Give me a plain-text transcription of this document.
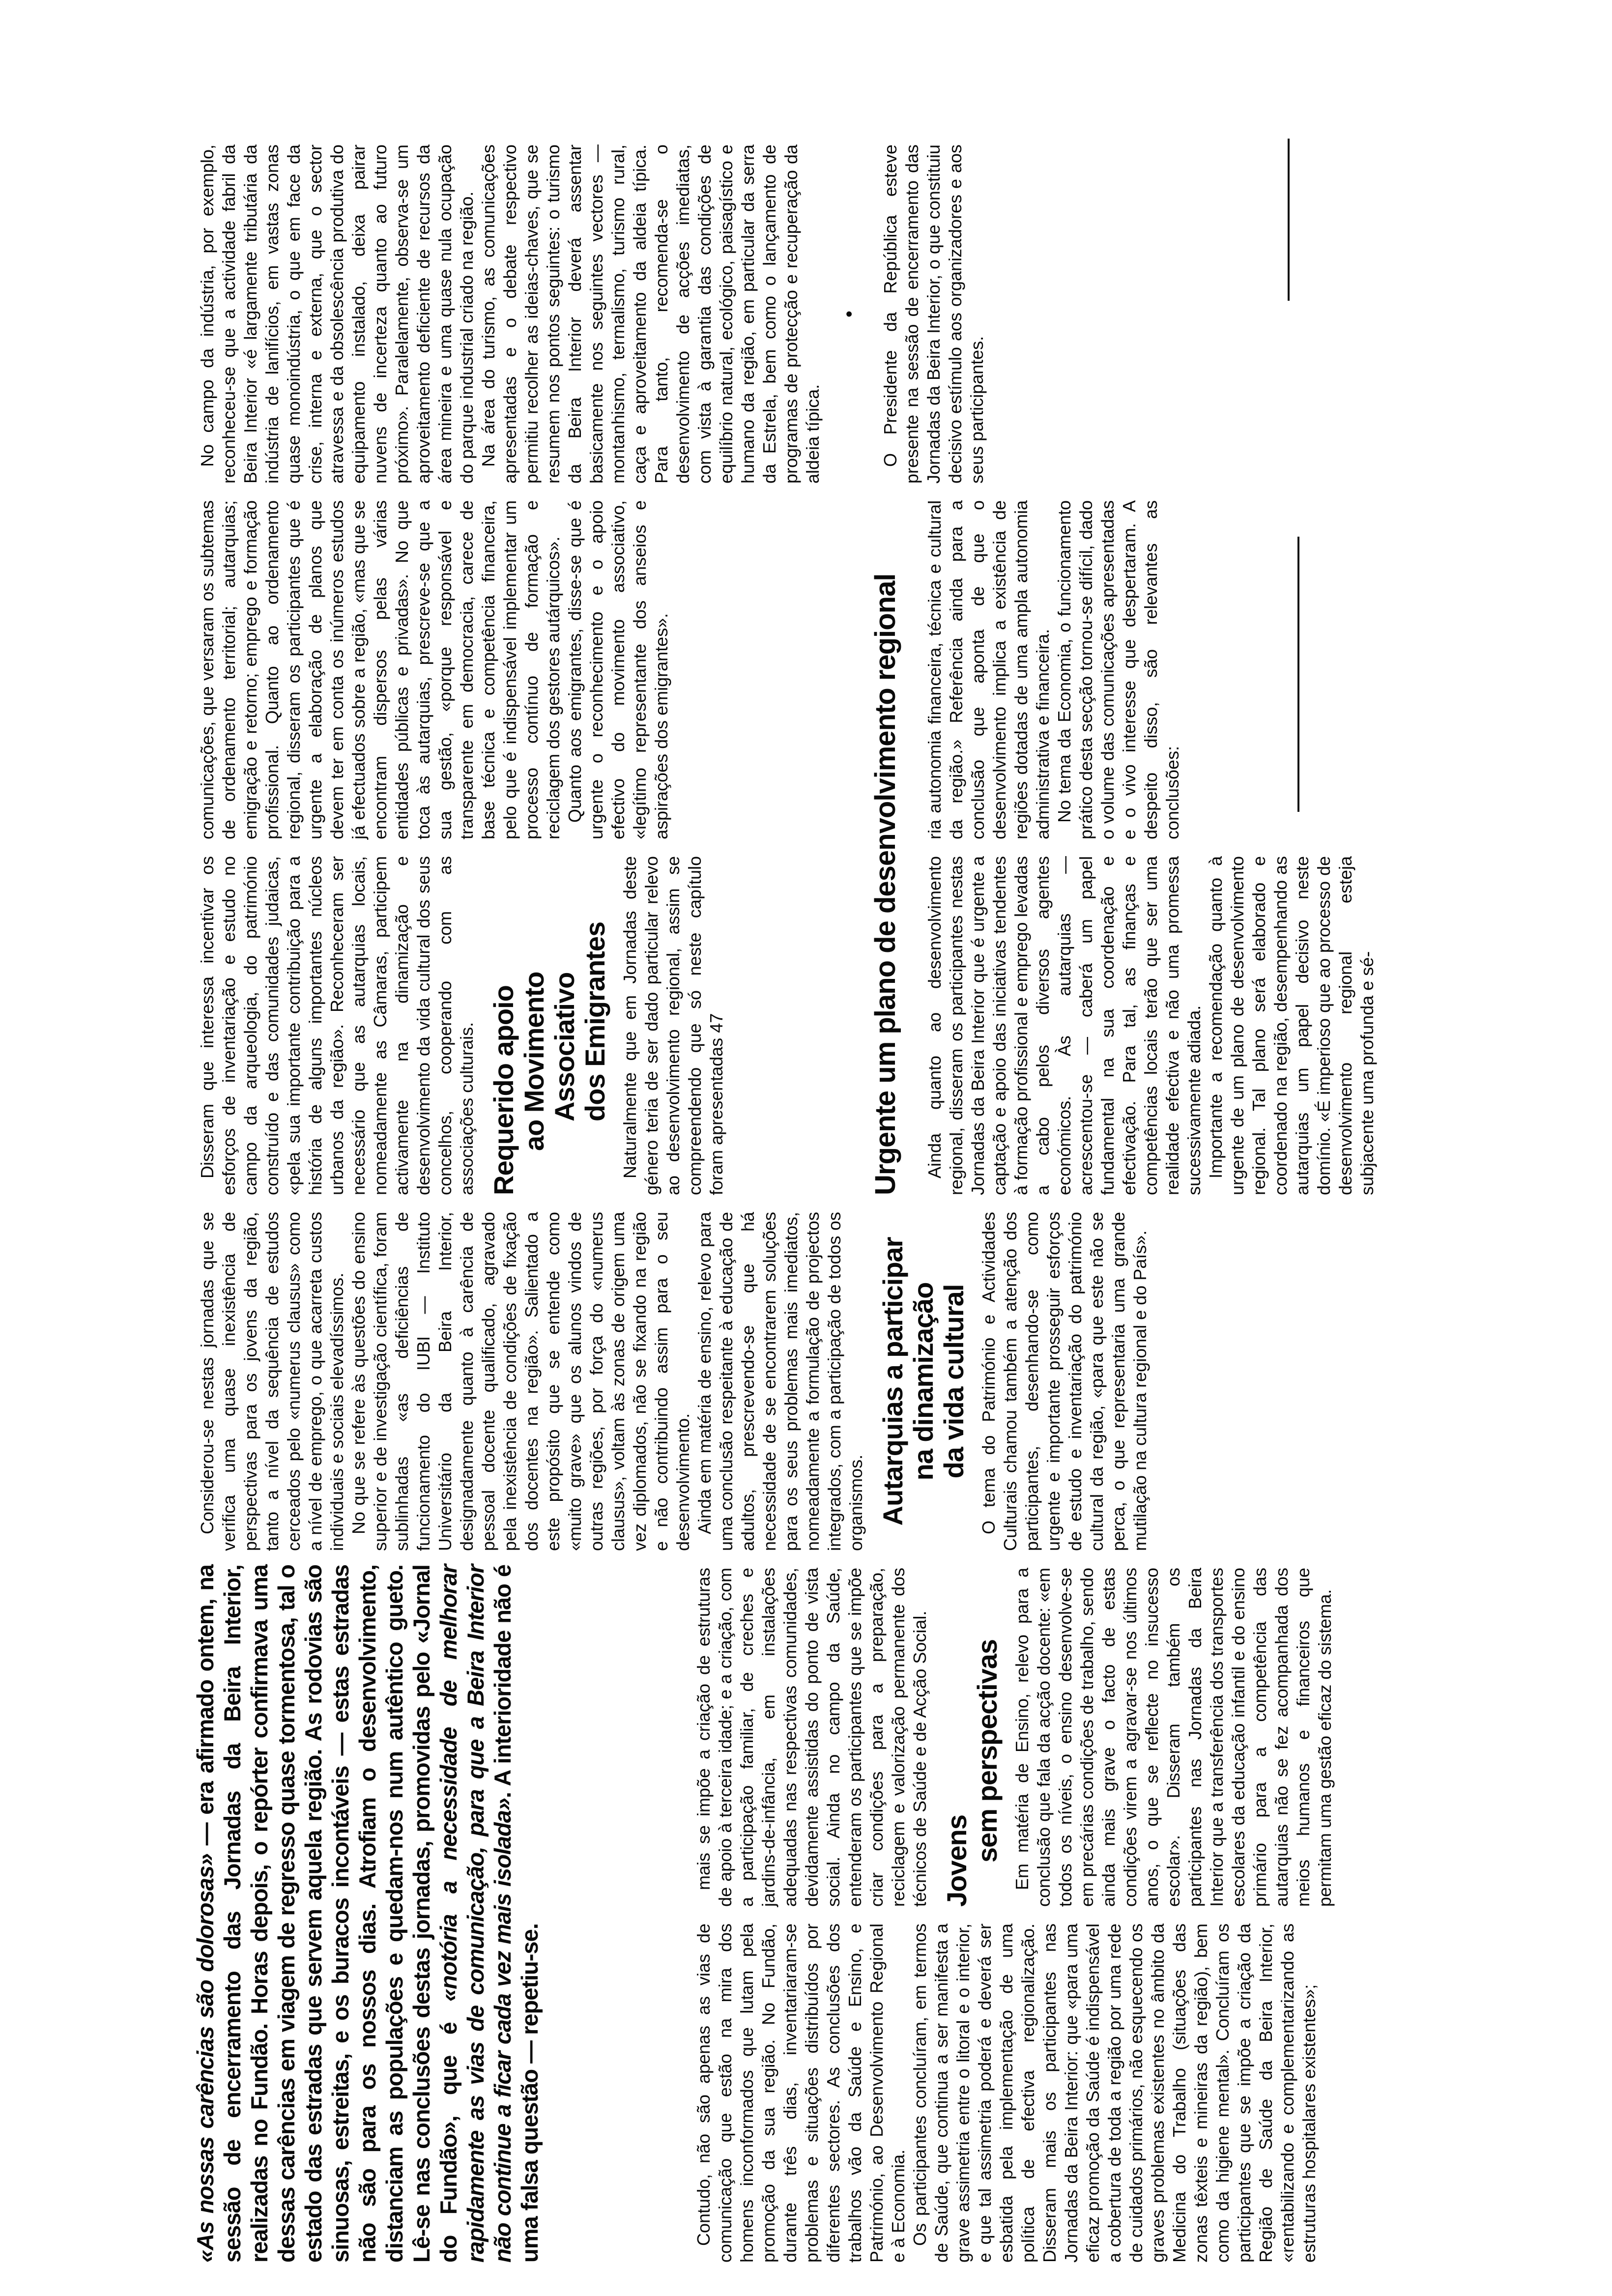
«As nossas carências são dolorosas» — era afirmado ontem, na sessão de encerramento das Jornadas da Beira Interior, realizadas no Fundão. Horas depois, o repórter confirmava uma dessas carências em viagem de regresso quase tormentosa, tal o estado das estradas que servem aquela região. As rodovias são sinuosas, estreitas, e os buracos incontáveis — estas estradas não são para os nossos dias. Atrofiam o desenvolvimento, distanciam as populações e quedam-nos num autêntico gueto. Lê-se nas conclusões destas jornadas, promovidas pelo «Jornal do Fundão», que é «notória a necessidade de melhorar rapidamente as vias de comunicação, para que a Beira Interior não continue a ficar cada vez mais isolada». A interioridade não é uma falsa questão — repetiu-se.	Contudo, não são apenas as vias de comunicação que estão na mira dos homens inconformados que lutam pela promoção da sua região. No Fundão, durante três dias, inventariaram-se problemas e situações distribuídos por diferentes sectores. As conclusões dos trabalhos vão da Saúde e Ensino, e Património, ao Desenvolvimento Regional e à Economia. Os participantes concluíram, em termos de Saúde, que continua a ser manifesta a grave assimetria entre o litoral e o interior, e que tal assimetria poderá e deverá ser esbatida pela implementação de uma política de efectiva regionalização. Disseram mais os participantes nas Jornadas da Beira Interior: que «para uma eficaz promoção da Saúde é indispensável a cobertura de toda a região por uma rede de cuidados primários, não esquecendo os graves problemas existentes no âmbito da Medicina do Trabalho (situações das zonas têxteis e mineiras da região), bem como da higiene mental». Concluíram os participantes que se impõe a criação da Região de Saúde da Beira Interior, «rentabilizando e complementarizando as estruturas hospitalares existentes»;

mais se impõe a criação de estruturas de apoio à terceira idade; e a criação, com a participação familiar, de creches e jardins-de-infância, em instalações adequadas nas respectivas comunidades, devidamente assistidas do ponto de vista social. Ainda no campo da Saúde, entenderam os participantes que se impõe criar condições para a preparação, reciclagem e valorização permanente dos técnicos de Saúde e de Acção Social. Jovens sem perspectivas Em matéria de Ensino, relevo para a conclusão que fala da acção docente: «em todos os níveis, o ensino desenvolve-se em precárias condições de trabalho, sendo ainda mais grave o facto de estas condições virem a agravar-se nos últimos anos, o que se reflecte no insucesso escolar». Disseram também os participantes nas Jornadas da Beira Interior que a transferência dos transportes escolares da educação infantil e do ensino primário para a competência das autarquias não se fez acompanhada dos meios humanos e financeiros que permitam uma gestão eficaz do sistema.

Considerou-se nestas jornadas que se verifica uma quase inexistência de perspectivas para os jovens da região, tanto a nível da sequência de estudos cerceados pelo «numerus clausus» como a nível de emprego, o que acarreta custos individuais e sociais elevadíssimos. No que se refere às questões do ensino superior e de investigação científica, foram sublinhadas «as deficiências de funcionamento do IUBI — Instituto Universitário da Beira Interior, designadamente quanto à carência de pessoal docente qualificado, agravado pela inexistência de condições de fixação dos docentes na região». Salientado a este propósito que se entende como «muito grave» que os alunos vindos de outras regiões, por força do «numerus clausus», voltam às zonas de origem uma vez diplomados, não se fixando na região e não contribuindo assim para o seu desenvolvimento. Ainda em matéria de ensino, relevo para uma conclusão respeitante à educação de adultos, prescrevendo-se que há necessidade de se encontrarem soluções para os seus problemas mais imediatos, nomeadamente a formulação de projectos integrados, com a participação de todos os organismos. Autarquias a participar na dinamização da vida cultural O tema do Património e Actividades Culturais chamou também a atenção dos participantes, desenhando-se como urgente e importante prosseguir esforços de estudo e inventariação do património cultural da região, «para que este não se perca, o que representaria uma grande mutilação na cultura regional e do País».

Disseram que interessa incentivar os esforços de inventariação e estudo no campo da arqueologia, do património construído e das comunidades judaicas, «pela sua importante contribuição para a história de alguns importantes núcleos urbanos da região». Reconheceram ser necessário que as autarquias locais, nomeadamente as Câmaras, participem activamente na dinamização e desenvolvimento da vida cultural dos seus concelhos, cooperando com as associações culturais. Requerido apoio ao Movimento Associativo dos Emigrantes Naturalmente que em Jornadas deste género teria de ser dado particular relevo ao desenvolvimento regional, assim se compreendendo que só neste capítulo foram apresentadas 47

comunicações, que versaram os subtemas de ordenamento territorial; autarquias; emigração e retorno; emprego e formação profissional. Quanto ao ordenamento regional, disseram os participantes que é urgente a elaboração de planos que devem ter em conta os inúmeros estudos já efectuados sobre a região, «mas que se encontram dispersos pelas várias entidades públicas e privadas». No que toca às autarquias, prescreve-se que a sua gestão, «porque responsável e transparente em democracia, carece de base técnica e competência financeira, pelo que é indispensável implementar um processo contínuo de formação e reciclagem dos gestores autárquicos». Quanto aos emigrantes, disse-se que é urgente o reconhecimento e o apoio efectivo do movimento associativo, «legítimo representante dos anseios e aspirações dos emigrantes».	Urgente um plano de desenvolvimento regional Ainda quanto ao desenvolvimento regional, disseram os participantes nestas Jornadas da Beira Interior que é urgente a captação e apoio das iniciativas tendentes à formação profissional e emprego levadas a cabo pelos diversos agentes económicos. Às autarquias — acrescentou-se — caberá um papel fundamental na sua coordenação e efectivação. Para tal, as finanças e competências locais terão que ser uma realidade efectiva e não uma promessa sucessivamente adiada. Importante a recomendação quanto à urgente de um plano de desenvolvimento regional. Tal plano será elaborado e coordenado na região, desempenhando as autarquias um papel decisivo neste domínio. «É imperioso que ao processo de desenvolvimento regional esteja subjacente uma profunda e sé-

ria autonomia financeira, técnica e cultural da região.» Referência ainda para a conclusão que aponta de que o desenvolvimento implica a existência de regiões dotadas de uma ampla autonomia administrativa e financeira. No tema da Economia, o funcionamento prático desta secção tornou-se difícil, dado o volume das comunicações apresentadas e o vivo interesse que despertaram. A despeito disso, são relevantes as conclusões:

No campo da indústria, por exemplo, reconheceu-se que a actividade fabril da Beira Interior «é largamente tributária da indústria de lanifícios, em vastas zonas quase monoindústria, o que em face da crise, interna e externa, que o sector atravessa e da obsolescência produtiva do equipamento instalado, deixa pairar nuvens de incerteza quanto ao futuro próximo». Paralelamente, observa-se um aproveitamento deficiente de recursos da área mineira e uma quase nula ocupação do parque industrial criado na região. Na área do turismo, as comunicações apresentadas e o debate respectivo permitiu recolher as ideias-chaves, que se resumem nos pontos seguintes: o turismo da Beira Interior deverá assentar basicamente nos seguintes vectores — montanhismo, termalismo, turismo rural, caça e aproveitamento da aldeia típica. Para tanto, recomenda-se o desenvolvimento de acções imediatas, com vista à garantia das condições de equilíbrio natural, ecológico, paisagístico e humano da região, em particular da serra da Estrela, bem como o lançamento de programas de protecção e recuperação da aldeia típica.

• O Presidente da República esteve presente na sessão de encerramento das Jornadas da Beira Interior, o que constituiu decisivo estímulo aos organizadores e aos seus participantes.
